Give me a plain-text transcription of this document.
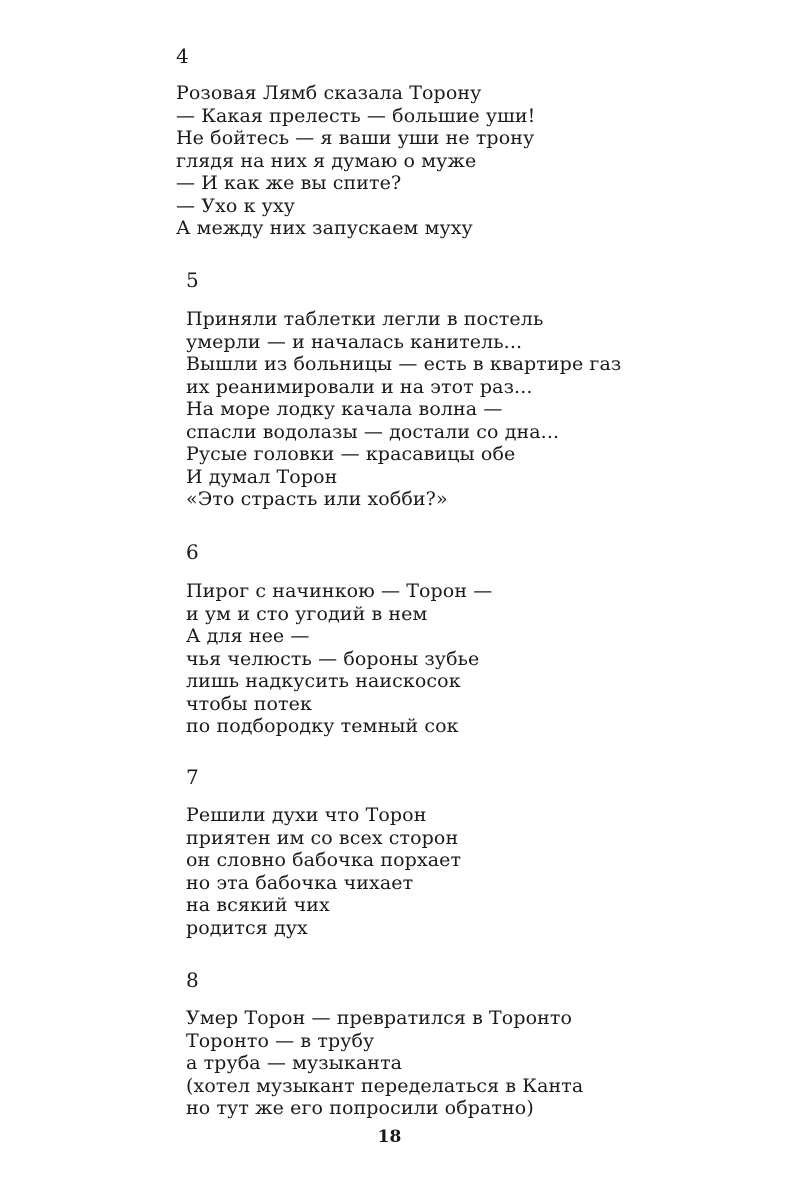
4
Розовая Лямб сказала Торону
— Какая прелесть — большие уши!
Не бойтесь — я ваши уши не трону
глядя на них я думаю о муже
— И как же вы спите?
— Ухо к уху
А между них запускаем муху
5
Приняли таблетки легли в постель
умерли — и началась канитель...
Вышли из больницы — есть в квартире газ
их реанимировали и на этот раз...
На море лодку качала волна —
спасли водолазы — достали со дна...
Русые головки — красавицы обе
И думал Торон
«Это страсть или хобби?»
6
Пирог с начинкою — Торон —
и ум и сто угодий в нем
А для нее —
чья челюсть — бороны зубье
лишь надкусить наискосок
чтобы потек
по подбородку темный сок
7
Решили духи что Торон
приятен им со всех сторон
он словно бабочка порхает
но эта бабочка чихает
на всякий чих
родится дух
8
Умер Торон — превратился в Торонто
Торонто — в трубу
а труба — музыканта
(хотел музыкант переделаться в Канта
но тут же его попросили обратно)
18
